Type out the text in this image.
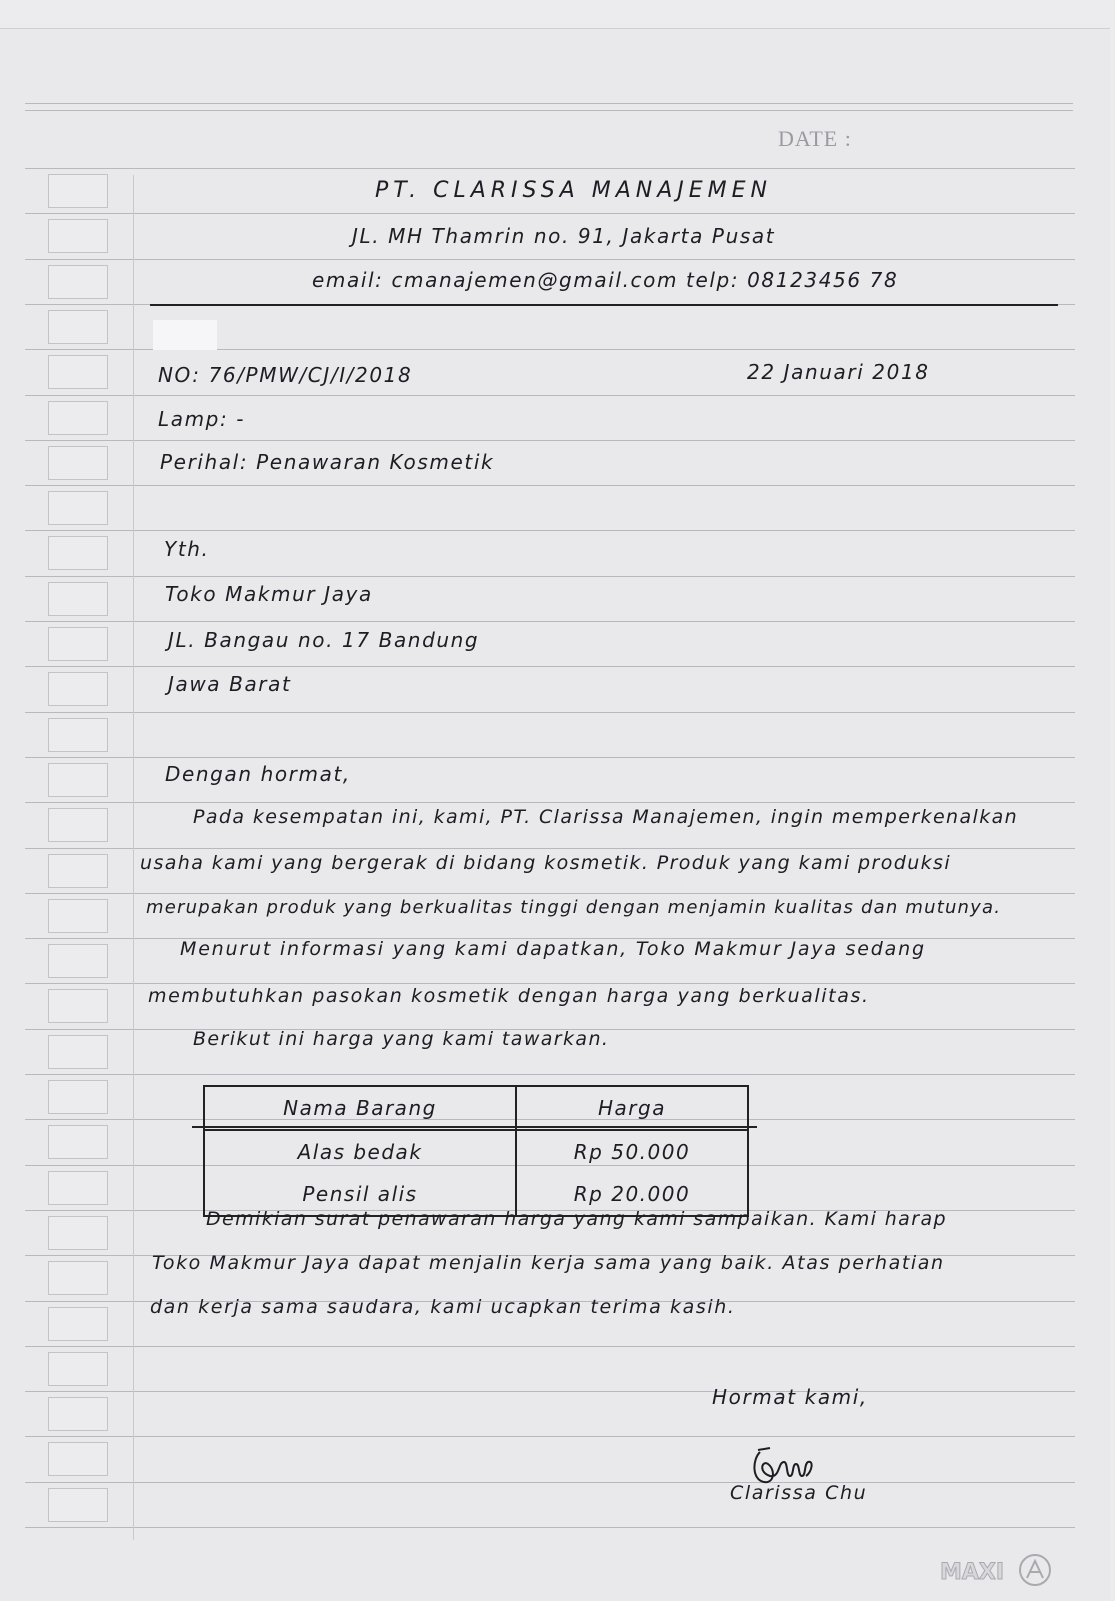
DATE :
PT. CLARISSA MANAJEMEN
JL. MH Thamrin no. 91, Jakarta Pusat
email: cmanajemen@gmail.com telp: 08123456 78
NO: 76/PMW/CJ/I/2018	22 Januari 2018
Lamp: -
Perihal: Penawaran Kosmetik
Yth.
Toko Makmur Jaya
JL. Bangau no. 17 Bandung
Jawa Barat
Dengan hormat,
Pada kesempatan ini, kami, PT. Clarissa Manajemen, ingin memperkenalkan
usaha kami yang bergerak di bidang kosmetik. Produk yang kami produksi
merupakan produk yang berkualitas tinggi dengan menjamin kualitas dan mutunya.
Menurut informasi yang kami dapatkan, Toko Makmur Jaya sedang
membutuhkan pasokan kosmetik dengan harga yang berkualitas.
Berikut ini harga yang kami tawarkan.
Nama Barang	Harga
Alas bedak	Rp 50.000
Pensil alis	Rp 20.000
Demikian surat penawaran harga yang kami sampaikan. Kami harap
Toko Makmur Jaya dapat menjalin kerja sama yang baik. Atas perhatian
dan kerja sama saudara, kami ucapkan terima kasih.
Hormat kami,
Clarissa Chu
MAXI
